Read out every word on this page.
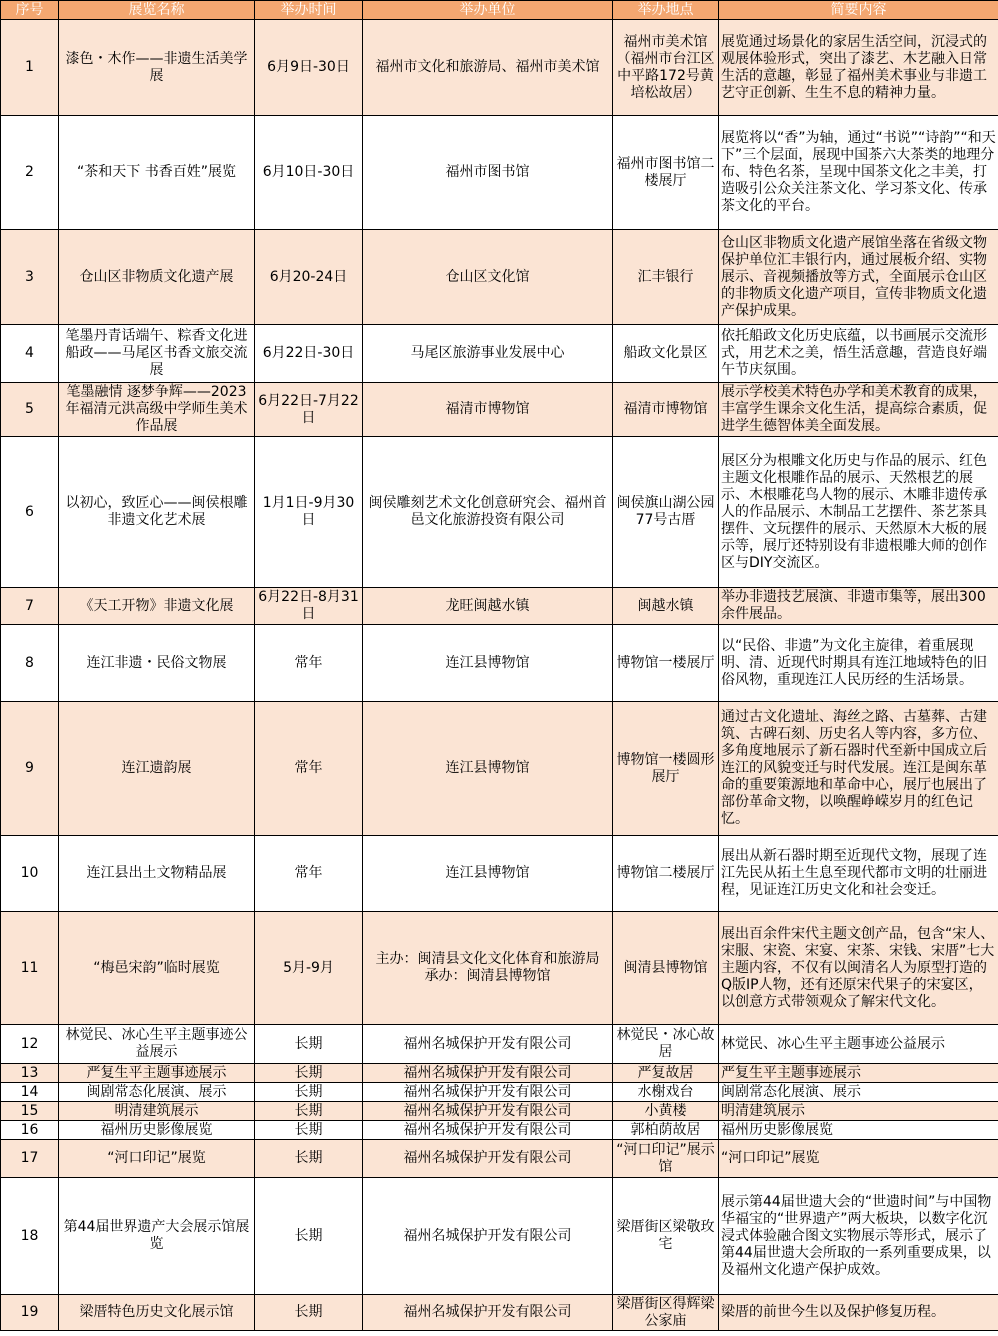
序号	展览名称	举办时间	举办单位	举办地点	简要内容
1	漆色・木作——非遗生活美学展	6月9日-30日	福州市文化和旅游局、福州市美术馆	福州市美术馆（福州市台江区中平路172号黄培松故居）	展览通过场景化的家居生活空间，沉浸式的观展体验形式，突出了漆艺、木艺融入日常生活的意趣，彰显了福州美术事业与非遗工艺守正创新、生生不息的精神力量。
2	“茶和天下 书香百姓”展览	6月10日-30日	福州市图书馆	福州市图书馆二楼展厅	展览将以“香”为轴，通过“书说”“诗韵”“和天下”三个层面，展现中国茶六大茶类的地理分布、特色名茶，呈现中国茶文化之丰美，打造吸引公众关注茶文化、学习茶文化、传承茶文化的平台。
3	仓山区非物质文化遗产展	6月20-24日	仓山区文化馆	汇丰银行	仓山区非物质文化遗产展馆坐落在省级文物保护单位汇丰银行内，通过展板介绍、实物展示、音视频播放等方式，全面展示仓山区的非物质文化遗产项目，宣传非物质文化遗产保护成果。
4	笔墨丹青话端午、粽香文化进船政——马尾区书香文旅交流展	6月22日-30日	马尾区旅游事业发展中心	船政文化景区	依托船政文化历史底蕴，以书画展示交流形式，用艺术之美，悟生活意趣，营造良好端午节庆氛围。
5	笔墨融情 逐梦争辉——2023年福清元洪高级中学师生美术作品展	6月22日-7月22日	福清市博物馆	福清市博物馆	展示学校美术特色办学和美术教育的成果，丰富学生课余文化生活，提高综合素质，促进学生德智体美全面发展。
6	以初心，致匠心——闽侯根雕非遗文化艺术展	1月1日-9月30日	闽侯雕刻艺术文化创意研究会、福州首邑文化旅游投资有限公司	闽侯旗山湖公园77号古厝	展区分为根雕文化历史与作品的展示、红色主题文化根雕作品的展示、天然根艺的展示、木根雕花鸟人物的展示、木雕非遗传承人的作品展示、木制品工艺摆件、茶艺茶具摆件、文玩摆件的展示、天然原木大板的展示等，展厅还特别设有非遗根雕大师的创作区与DIY交流区。
7	《天工开物》非遗文化展	6月22日-8月31日	龙旺闽越水镇	闽越水镇	举办非遗技艺展演、非遗市集等，展出300余件展品。
8	连江非遗・民俗文物展	常年	连江县博物馆	博物馆一楼展厅	以“民俗、非遗”为文化主旋律，着重展现明、清、近现代时期具有连江地域特色的旧俗风物，重现连江人民历经的生活场景。
9	连江遗韵展	常年	连江县博物馆	博物馆一楼圆形展厅	通过古文化遗址、海丝之路、古墓葬、古建筑、古碑石刻、历史名人等内容，多方位、多角度地展示了新石器时代至新中国成立后连江的风貌变迁与时代发展。连江是闽东革命的重要策源地和革命中心，展厅也展出了部份革命文物，以唤醒峥嵘岁月的红色记忆。
10	连江县出土文物精品展	常年	连江县博物馆	博物馆二楼展厅	展出从新石器时期至近现代文物，展现了连江先民从拓土生息至现代都市文明的壮丽进程，见证连江历史文化和社会变迁。
11	“梅邑宋韵”临时展览	5月-9月	主办：闽清县文化文化体育和旅游局
承办：闽清县博物馆	闽清县博物馆	展出百余件宋代主题文创产品，包含“宋人、宋服、宋瓷、宋宴、宋茶、宋钱、宋厝”七大主题内容，不仅有以闽清名人为原型打造的Q版IP人物，还有还原宋代果子的宋宴区，以创意方式带领观众了解宋代文化。
12	林觉民、冰心生平主题事迹公益展示	长期	福州名城保护开发有限公司	林觉民・冰心故居	林觉民、冰心生平主题事迹公益展示
13	严复生平主题事迹展示	长期	福州名城保护开发有限公司	严复故居	严复生平主题事迹展示
14	闽剧常态化展演、展示	长期	福州名城保护开发有限公司	水榭戏台	闽剧常态化展演、展示
15	明清建筑展示	长期	福州名城保护开发有限公司	小黄楼	明清建筑展示
16	福州历史影像展览	长期	福州名城保护开发有限公司	郭柏荫故居	福州历史影像展览
17	“河口印记”展览	长期	福州名城保护开发有限公司	“河口印记”展示馆	“河口印记”展览
18	第44届世界遗产大会展示馆展览	长期	福州名城保护开发有限公司	梁厝街区梁敬玫宅	展示第44届世遗大会的“世遗时间”与中国物华福宝的“世界遗产”两大板块，以数字化沉浸式体验融合图文实物展示等形式，展示了第44届世遗大会所取的一系列重要成果，以及福州文化遗产保护成效。
19	梁厝特色历史文化展示馆	长期	福州名城保护开发有限公司	梁厝街区得辉梁公家庙	梁厝的前世今生以及保护修复历程。
